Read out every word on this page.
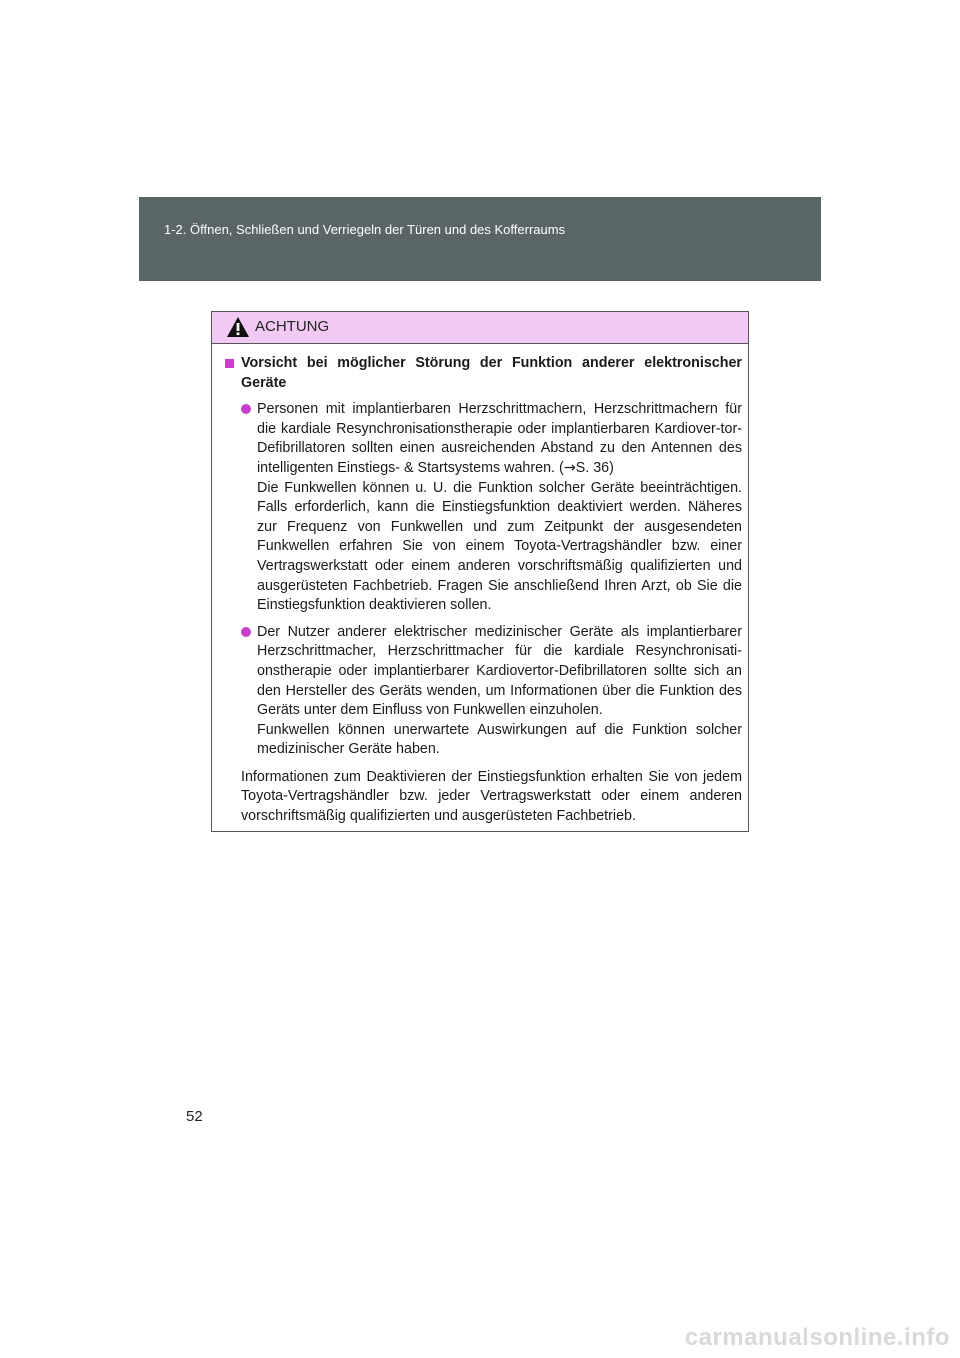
1-2. Öffnen, Schließen und Verriegeln der Türen und des Kofferraums
ACHTUNG
Vorsicht bei möglicher Störung der Funktion anderer elektronischer Geräte

Personen mit implantierbaren Herzschrittmachern, Herzschrittmachern für die kardiale Resynchronisationstherapie oder implantierbaren Kardiover-tor-Defibrillatoren sollten einen ausreichenden Abstand zu den Antennen des intelligenten Einstiegs- & Startsystems wahren. (→S. 36)

Die Funkwellen können u. U. die Funktion solcher Geräte beeinträchtigen. Falls erforderlich, kann die Einstiegsfunktion deaktiviert werden. Näheres zur Frequenz von Funkwellen und zum Zeitpunkt der ausgesendeten Funkwellen erfahren Sie von einem Toyota-Vertragshändler bzw. einer Vertragswerkstatt oder einem anderen vorschriftsmäßig qualifizierten und ausgerüsteten Fachbetrieb. Fragen Sie anschließend Ihren Arzt, ob Sie die Einstiegsfunktion deaktivieren sollen.

Der Nutzer anderer elektrischer medizinischer Geräte als implantierbarer Herzschrittmacher, Herzschrittmacher für die kardiale Resynchronisati-onstherapie oder implantierbarer Kardiovertor-Defibrillatoren sollte sich an den Hersteller des Geräts wenden, um Informationen über die Funktion des Geräts unter dem Einfluss von Funkwellen einzuholen.

Funkwellen können unerwartete Auswirkungen auf die Funktion solcher medizinischer Geräte haben.

Informationen zum Deaktivieren der Einstiegsfunktion erhalten Sie von jedem Toyota-Vertragshändler bzw. jeder Vertragswerkstatt oder einem anderen vorschriftsmäßig qualifizierten und ausgerüsteten Fachbetrieb.

52
carmanualsonline.info
